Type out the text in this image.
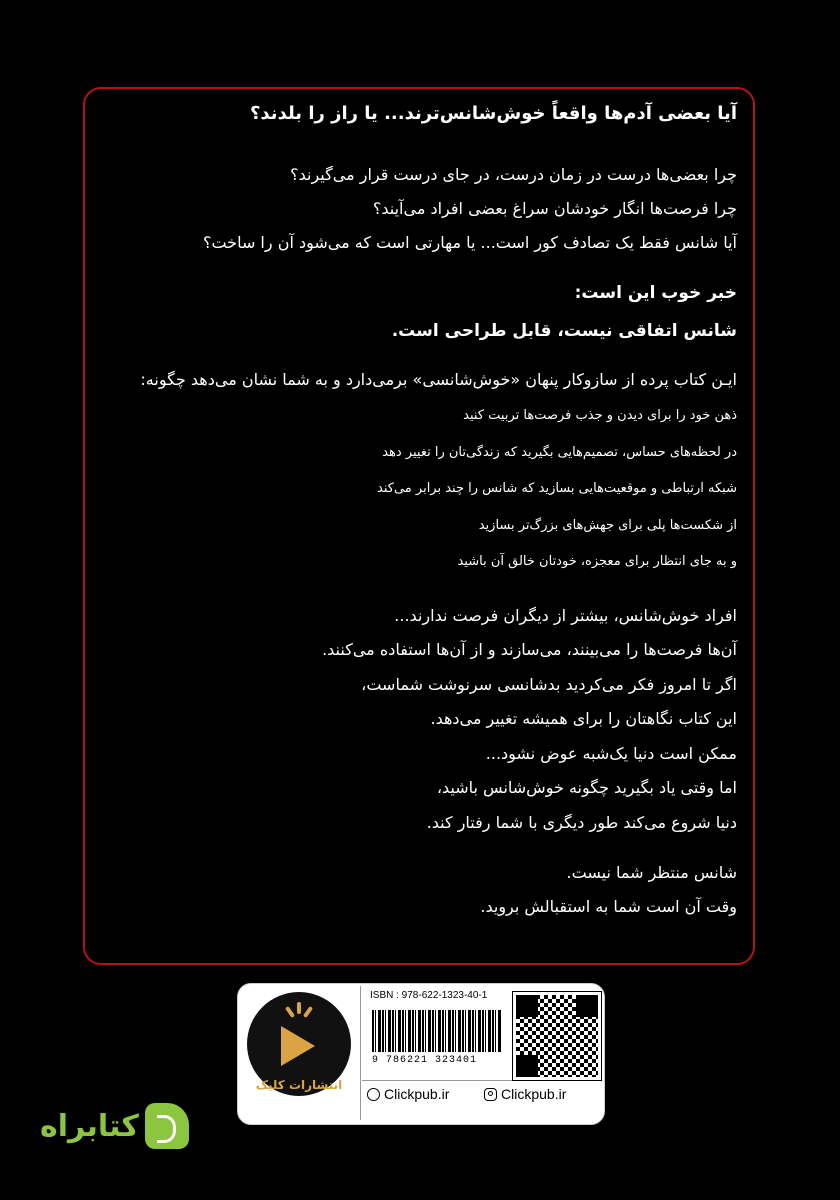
آیا بعضی آدم‌ها واقعاً خوش‌شانس‌ترند... یا راز را بلدند؟

چرا بعضی‌ها درست در زمان درست، در جای درست قرار می‌گیرند؟
چرا فرصت‌ها انگار خودشان سراغ بعضی افراد می‌آیند؟
آیا شانس فقط یک تصادف کور است... یا مهارتی است که می‌شود آن را ساخت؟
خبر خوب این است:
شانس اتفاقی نیست، قابل طراحی است.
ایـن کتاب پرده از سازوکار پنهان «خوش‌شانسی» برمی‌دارد و به شما نشان می‌دهد چگونه:
ذهن خود را برای دیدن و جذب فرصت‌ها تربیت کنید
در لحظه‌های حساس، تصمیم‌هایی بگیرید که زندگی‌تان را تغییر دهد
شبکه ارتباطی و موقعیت‌هایی بسازید که شانس را چند برابر می‌کند
از شکست‌ها پلی برای جهش‌های بزرگ‌تر بسازید
و به جای انتظار برای معجزه، خودتان خالق آن باشید
افراد خوش‌شانس، بیشتر از دیگران فرصت ندارند...
آن‌ها فرصت‌ها را می‌بینند، می‌سازند و از آن‌ها استفاده می‌کنند.
اگر تا امروز فکر می‌کردید بدشانسی سرنوشت شماست،
این کتاب نگاهتان را برای همیشه تغییر می‌دهد.
ممکن است دنیا یک‌شبه عوض نشود...
اما وقتی یاد بگیرید چگونه خوش‌شانس باشید،
دنیا شروع می‌کند طور دیگری با شما رفتار کند.
شانس منتظر شما نیست.
وقت آن است شما به استقبالش بروید.
انتشارات کلیک
ISBN : 978-622-1323-40-1
9 786221 323401
Clickpub.ir	Clickpub.ir
کتابراه
